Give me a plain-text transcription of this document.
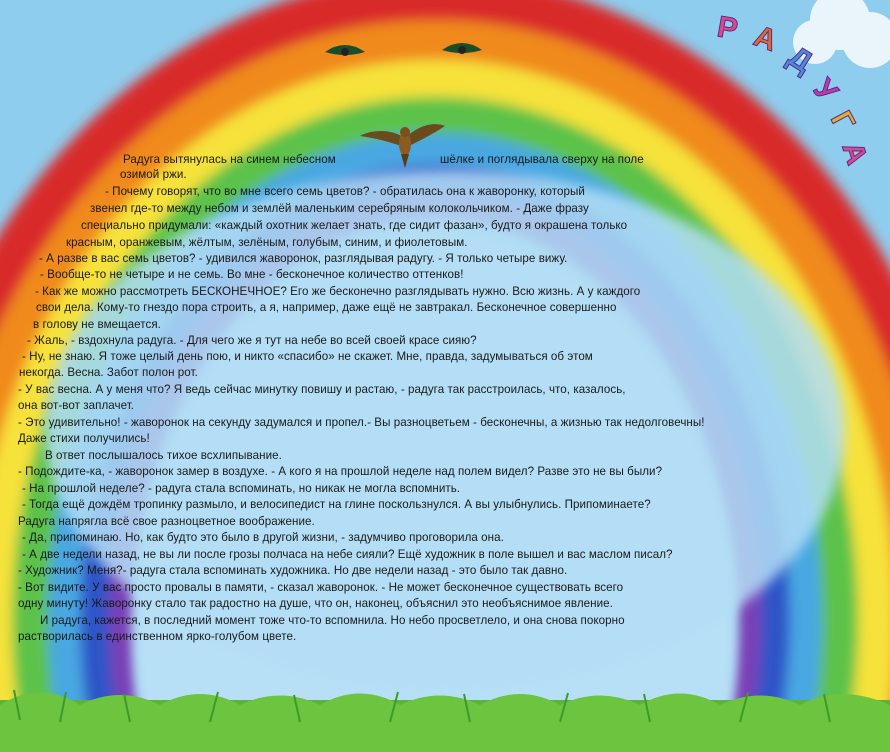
Р А
Д
У
Г
А
Радуга вытянулась на синем небесном	шёлке и поглядывала сверху на поле
озимой ржи.
- Почему говорят, что во мне всего семь цветов? - обратилась она к жаворонку, который
звенел где-то между небом и землёй маленьким серебряным колокольчиком. - Даже фразу
специально придумали: «каждый охотник желает знать, где сидит фазан», будто я окрашена только
красным, оранжевым, жёлтым, зелёным, голубым, синим, и фиолетовым.
- А разве в вас семь цветов? - удивился жаворонок, разглядывая радугу. - Я только четыре вижу.
- Вообще-то не четыре и не семь. Во мне - бесконечное количество оттенков!
- Как же можно рассмотреть БЕСКОНЕЧНОЕ? Его же бесконечно разглядывать нужно. Всю жизнь. А у каждого
свои дела. Кому-то гнездо пора строить, а я, например, даже ещё не завтракал. Бесконечное совершенно
в голову не вмещается.
- Жаль, - вздохнула радуга. - Для чего же я тут на небе во всей своей красе сияю?
- Ну, не знаю. Я тоже целый день пою, и никто «спасибо» не скажет. Мне, правда, задумываться об этом
некогда. Весна. Забот полон рот.
- У вас весна. А у меня что? Я ведь сейчас минутку повишу и растаю, - радуга так расстроилась, что, казалось,
она вот-вот заплачет.
- Это удивительно! - жаворонок на секунду задумался и пропел.- Вы разноцветьем - бесконечны, а жизнью так недолговечны!
Даже стихи получились!
В ответ послышалось тихое всхлипывание.
- Подождите-ка, - жаворонок замер в воздухе. - А кого я на прошлой неделе над полем видел? Разве это не вы были?
- На прошлой неделе? - радуга стала вспоминать, но никак не могла вспомнить.
- Тогда ещё дождём тропинку размыло, и велосипедист на глине поскользнулся. А вы улыбнулись. Припоминаете?
Радуга напрягла всё свое разноцветное воображение.
- Да, припоминаю. Но, как будто это было в другой жизни, - задумчиво проговорила она.
- А две недели назад, не вы ли после грозы полчаса на небе сияли? Ещё художник в поле вышел и вас маслом писал?
- Художник? Меня?- радуга стала вспоминать художника. Но две недели назад - это было так давно.
- Вот видите. У вас просто провалы в памяти, - сказал жаворонок. - Не может бесконечное существовать всего
одну минуту! Жаворонку стало так радостно на душе, что он, наконец, объяснил это необъяснимое явление.
И радуга, кажется, в последний момент тоже что-то вспомнила. Но небо просветлело, и она снова покорно
растворилась в единственном ярко-голубом цвете.
